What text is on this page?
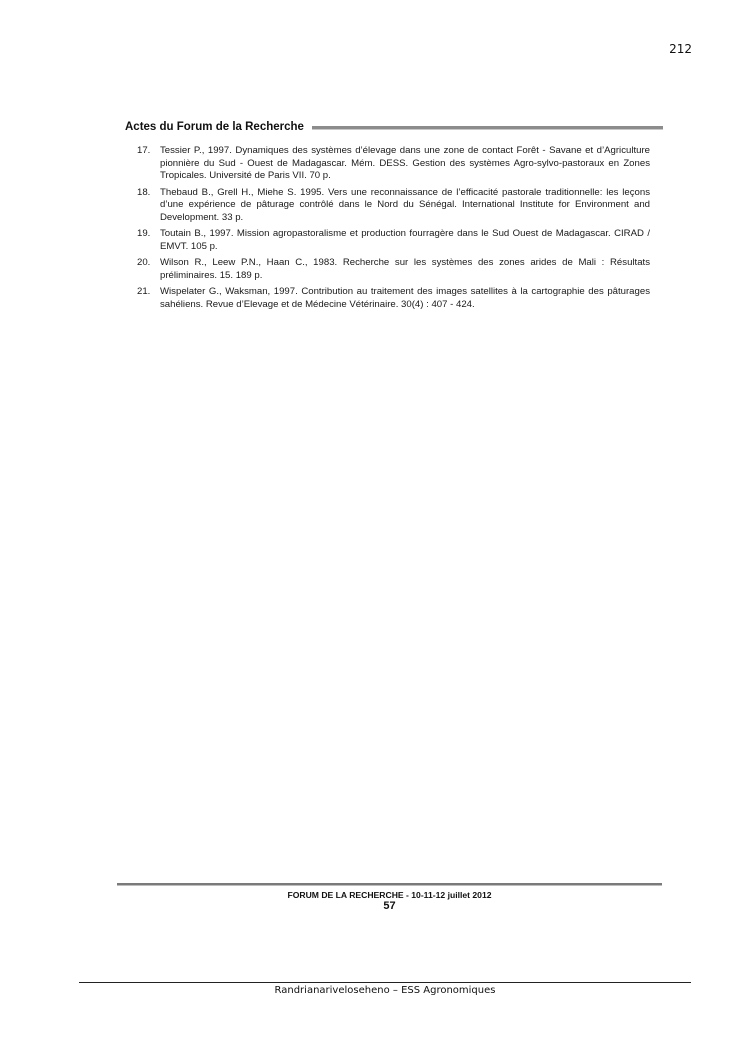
212
Actes du Forum de la Recherche
17.	Tessier P., 1997. Dynamiques des systèmes d’élevage dans une zone de contact Forêt - Savane et d’Agriculture pionnière du Sud - Ouest de Madagascar. Mém. DESS. Gestion des systèmes Agro-sylvo-pastoraux en Zones Tropicales. Université de Paris VII. 70 p.
18.	Thebaud B., Grell H., Miehe S. 1995. Vers une reconnaissance de l’efficacité pastorale traditionnelle: les leçons d’une expérience de pâturage contrôlé dans le Nord du Sénégal. International Institute for Environment and Development. 33 p.
19.	Toutain B., 1997. Mission agropastoralisme et production fourragère dans le Sud Ouest de Madagascar. CIRAD / EMVT. 105 p.
20.	Wilson R., Leew P.N., Haan C., 1983. Recherche sur les systèmes des zones arides de Mali : Résultats préliminaires. 15. 189 p.
21.	Wispelater G., Waksman, 1997. Contribution au traitement des images satellites à la cartographie des pâturages sahéliens. Revue d’Elevage et de Médecine Vétérinaire. 30(4) : 407 - 424.
FORUM DE LA RECHERCHE - 10-11-12 juillet 2012
57
Randrianariveloseheno – ESS Agronomiques
